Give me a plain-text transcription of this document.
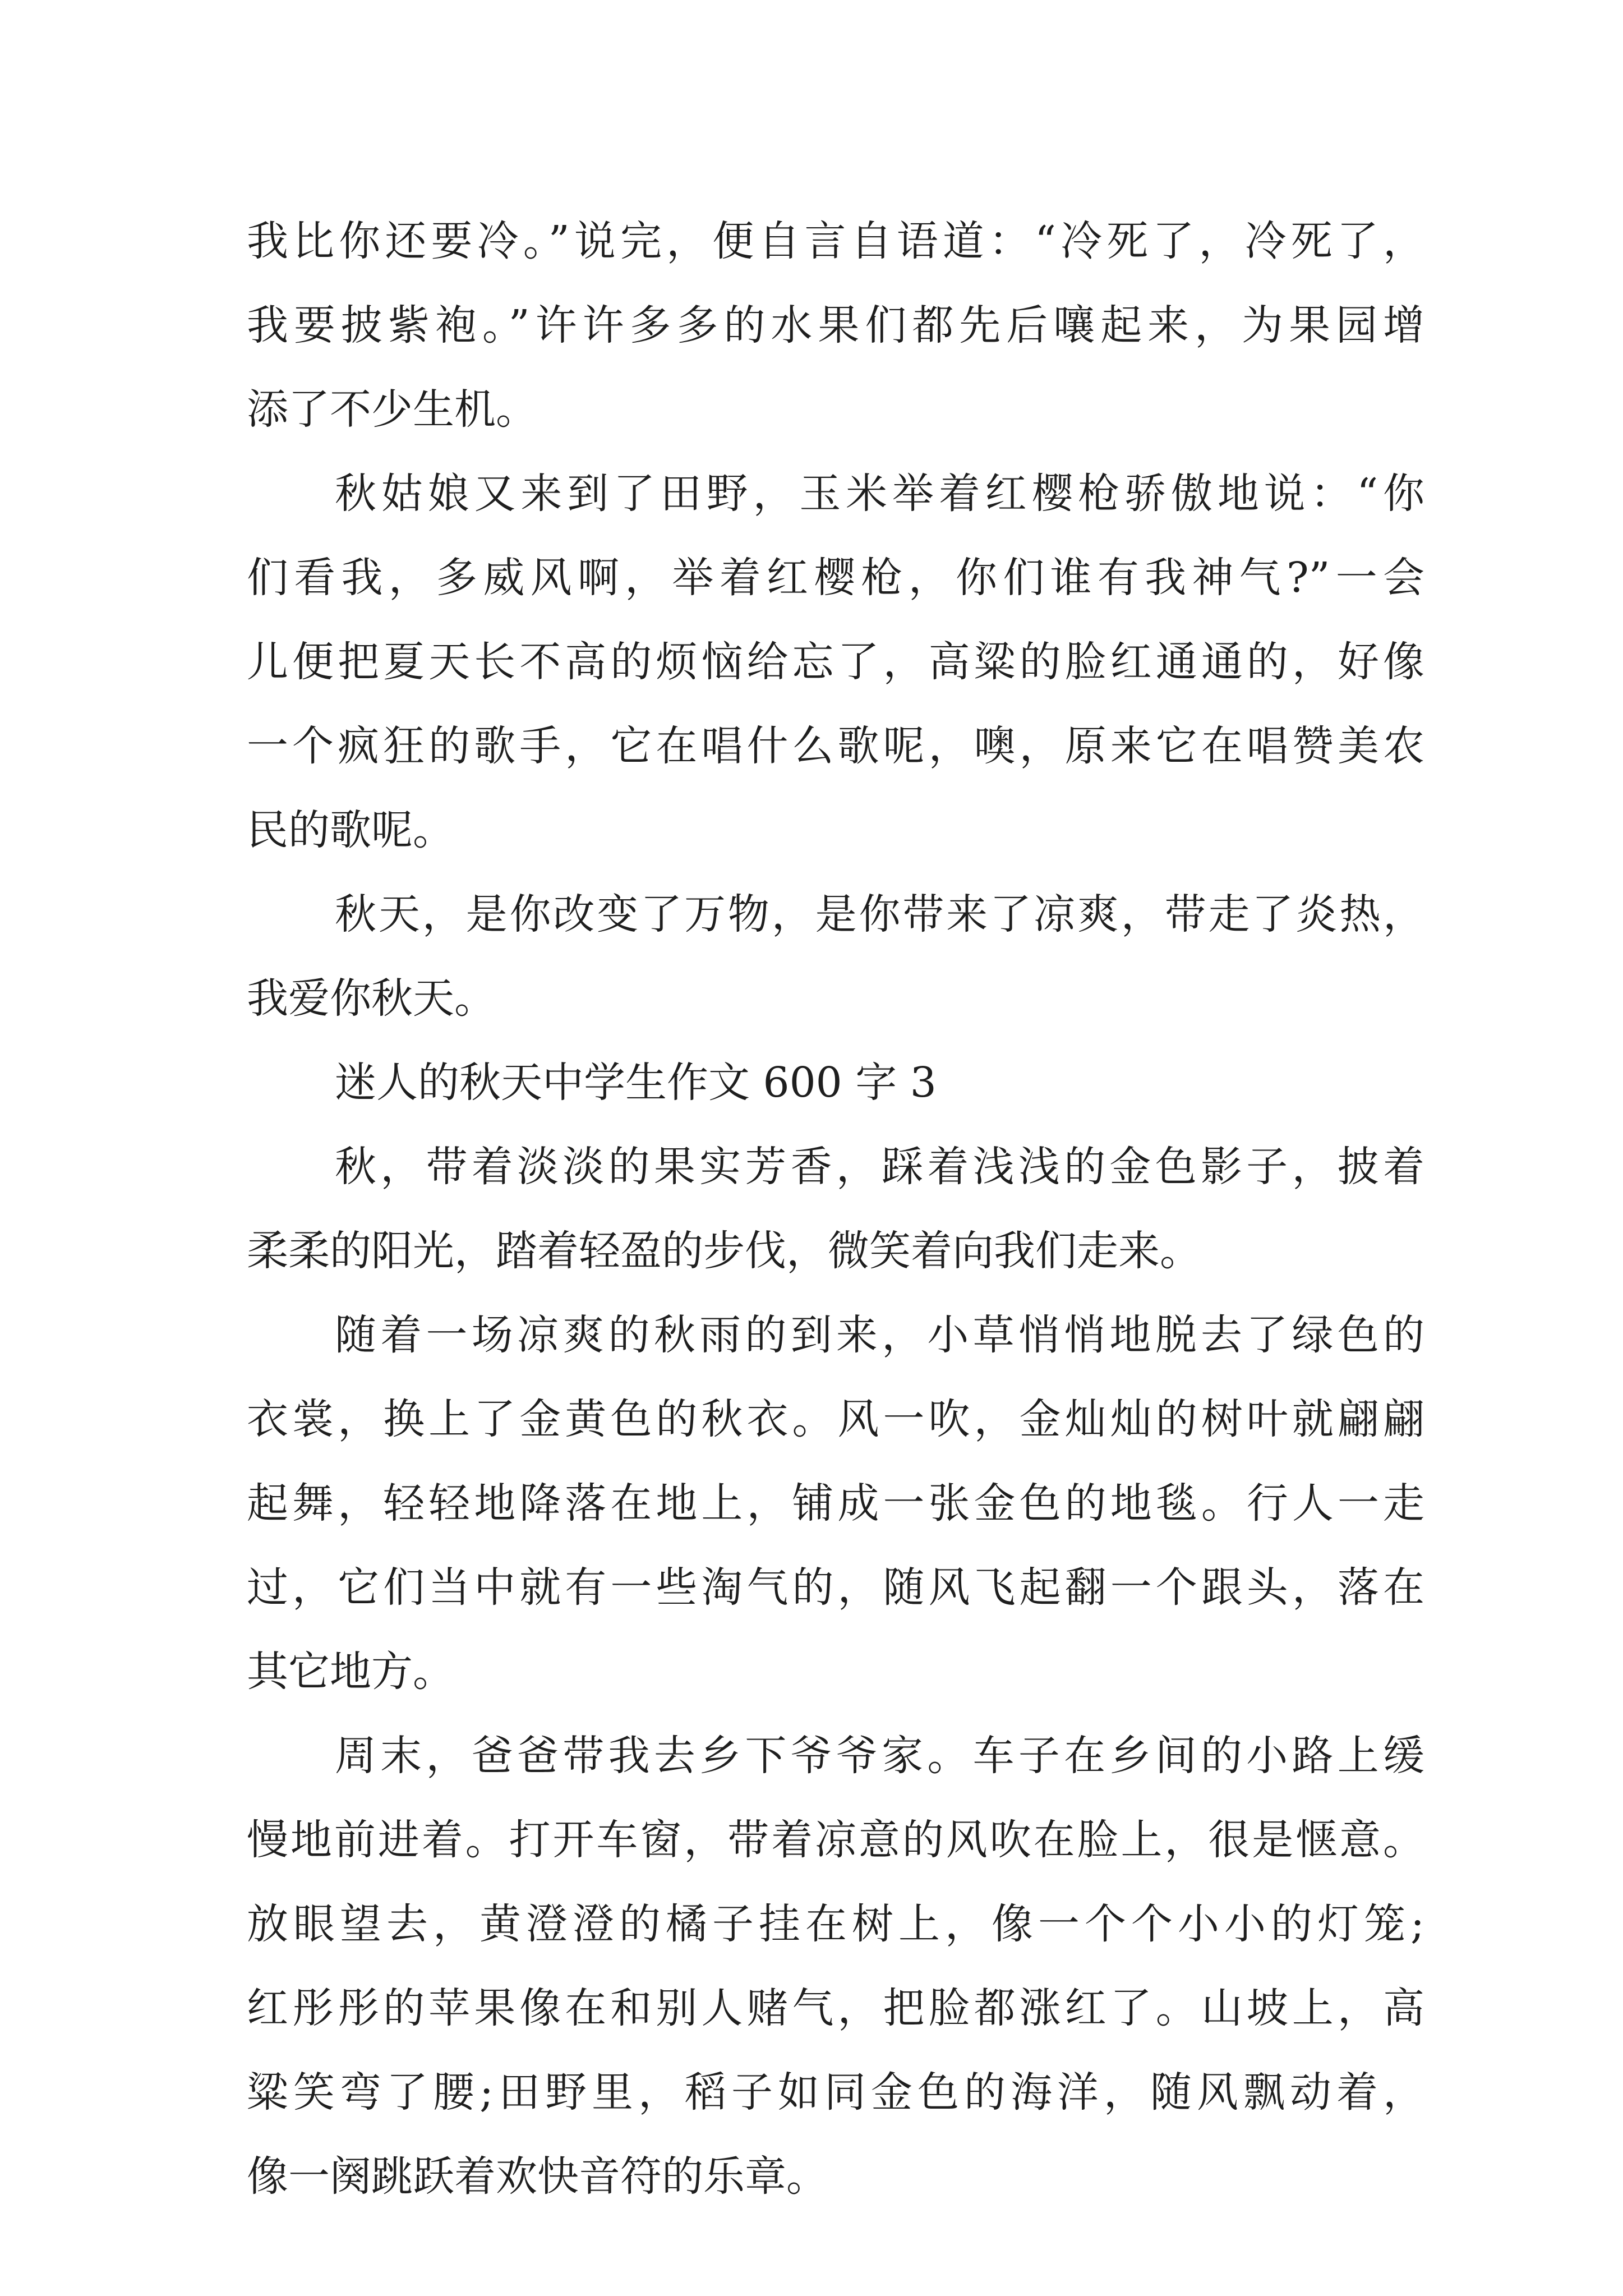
我比你还要冷。”说完，便自言自语道：“冷死了，冷死了，
我要披紫袍。”许许多多的水果们都先后嚷起来，为果园增
添了不少生机。
秋姑娘又来到了田野，玉米举着红樱枪骄傲地说：“你
们看我，多威风啊，举着红樱枪，你们谁有我神气?”一会
儿便把夏天长不高的烦恼给忘了，高粱的脸红通通的，好像
一个疯狂的歌手，它在唱什么歌呢，噢，原来它在唱赞美农
民的歌呢。
秋天，是你改变了万物，是你带来了凉爽，带走了炎热，
我爱你秋天。
迷人的秋天中学生作文 600 字 3
秋，带着淡淡的果实芳香，踩着浅浅的金色影子，披着
柔柔的阳光，踏着轻盈的步伐，微笑着向我们走来。
随着一场凉爽的秋雨的到来，小草悄悄地脱去了绿色的
衣裳，换上了金黄色的秋衣。风一吹，金灿灿的树叶就翩翩
起舞，轻轻地降落在地上，铺成一张金色的地毯。行人一走
过，它们当中就有一些淘气的，随风飞起翻一个跟头，落在
其它地方。
周末，爸爸带我去乡下爷爷家。车子在乡间的小路上缓
慢地前进着。打开车窗，带着凉意的风吹在脸上，很是惬意。
放眼望去，黄澄澄的橘子挂在树上，像一个个小小的灯笼;
红彤彤的苹果像在和别人赌气，把脸都涨红了。山坡上，高
粱笑弯了腰;田野里，稻子如同金色的海洋，随风飘动着，
像一阕跳跃着欢快音符的乐章。
